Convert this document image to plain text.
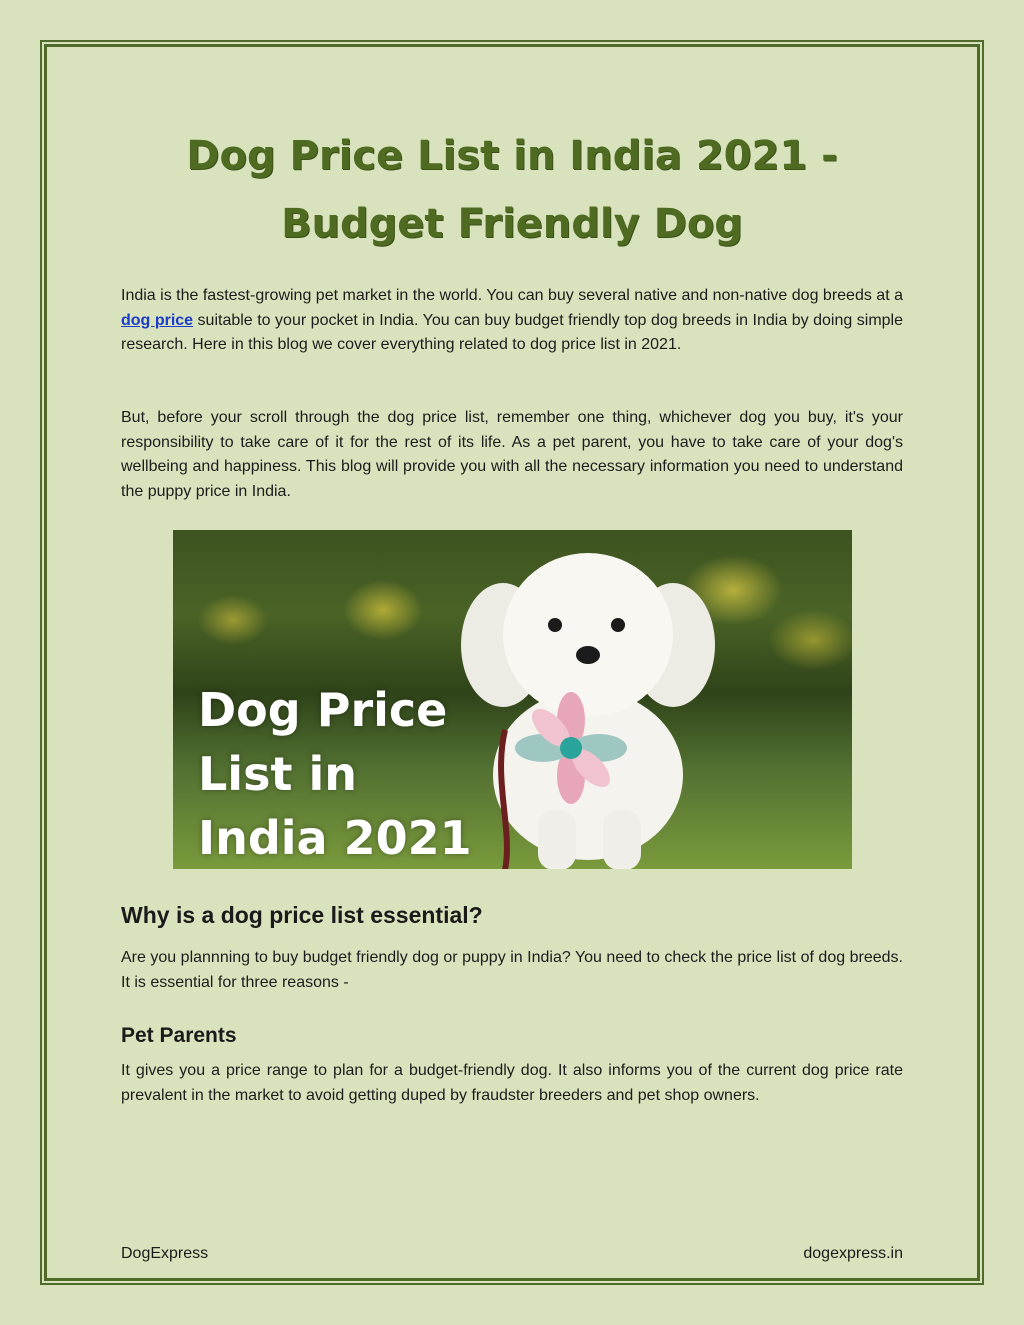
Dog Price List in India 2021 -
Budget Friendly Dog

India is the fastest-growing pet market in the world. You can buy several native and non-native dog breeds at a dog price suitable to your pocket in India. You can buy budget friendly top dog breeds in India by doing simple research. Here in this blog we cover everything related to dog price list in 2021.

But, before your scroll through the dog price list, remember one thing, whichever dog you buy, it's your responsibility to take care of it for the rest of its life. As a pet parent, you have to take care of your dog's wellbeing and happiness. This blog will provide you with all the necessary information you need to understand the puppy price in India.

Dog Price
List in
India 2021
Why is a dog price list essential?

Are you plannning to buy budget friendly dog or puppy in India? You need to check the price list of dog breeds. It is essential for three reasons -

Pet Parents

It gives you a price range to plan for a budget-friendly dog. It also informs you of the current dog price rate prevalent in the market to avoid getting duped by fraudster breeders and pet shop owners.

DogExpress	dogexpress.in
